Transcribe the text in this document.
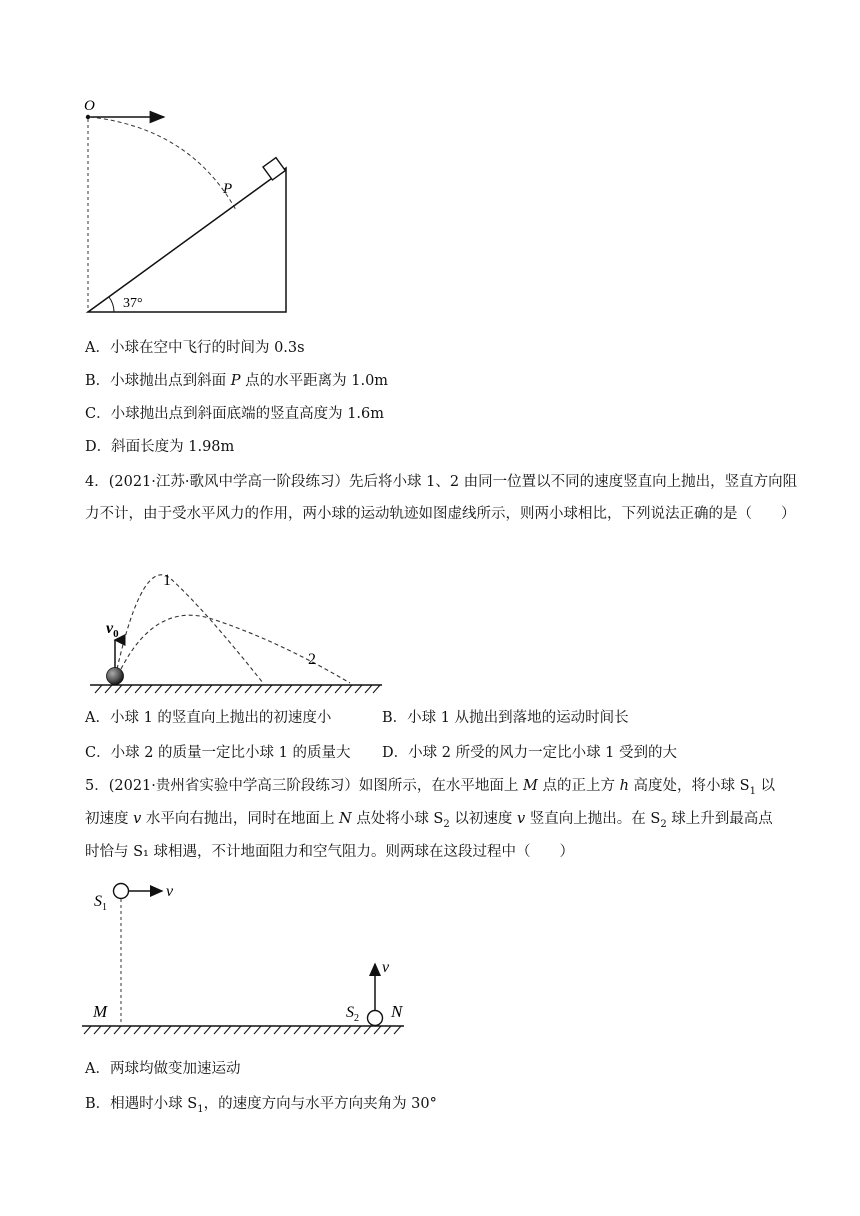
O
P
37°
A．小球在空中飞行的时间为 0.3s
B．小球抛出点到斜面 P 点的水平距离为 1.0m
C．小球抛出点到斜面底端的竖直高度为 1.6m
D．斜面长度为 1.98m
4．(2021·江苏·歌风中学高一阶段练习）先后将小球 1、2 由同一位置以不同的速度竖直向上抛出，竖直方向阻力不计，由于受水平风力的作用，两小球的运动轨迹如图虚线所示，则两小球相比，下列说法正确的是（　　）
$v_0$
1
2
A．小球 1 的竖直向上抛出的初速度小	B．小球 1 从抛出到落地的运动时间长
C．小球 2 的质量一定比小球 1 的质量大 D．小球 2 所受的风力一定比小球 1 受到的大
5．(2021·贵州省实验中学高三阶段练习）如图所示，在水平地面上 M 点的正上方 h 高度处，将小球 $S_1$ 以
初速度 v 水平向右抛出，同时在地面上 N 点处将小球 $S_2$ 以初速度 v 竖直向上抛出。在 $S_2$ 球上升到最高点
时恰与 S₁ 球相遇，不计地面阻力和空气阻力。则两球在这段过程中（　　）
v
$S_1$
M
v
$S_2$ N
A．两球均做变加速运动
B．相遇时小球 $S_1$，的速度方向与水平方向夹角为 30°
